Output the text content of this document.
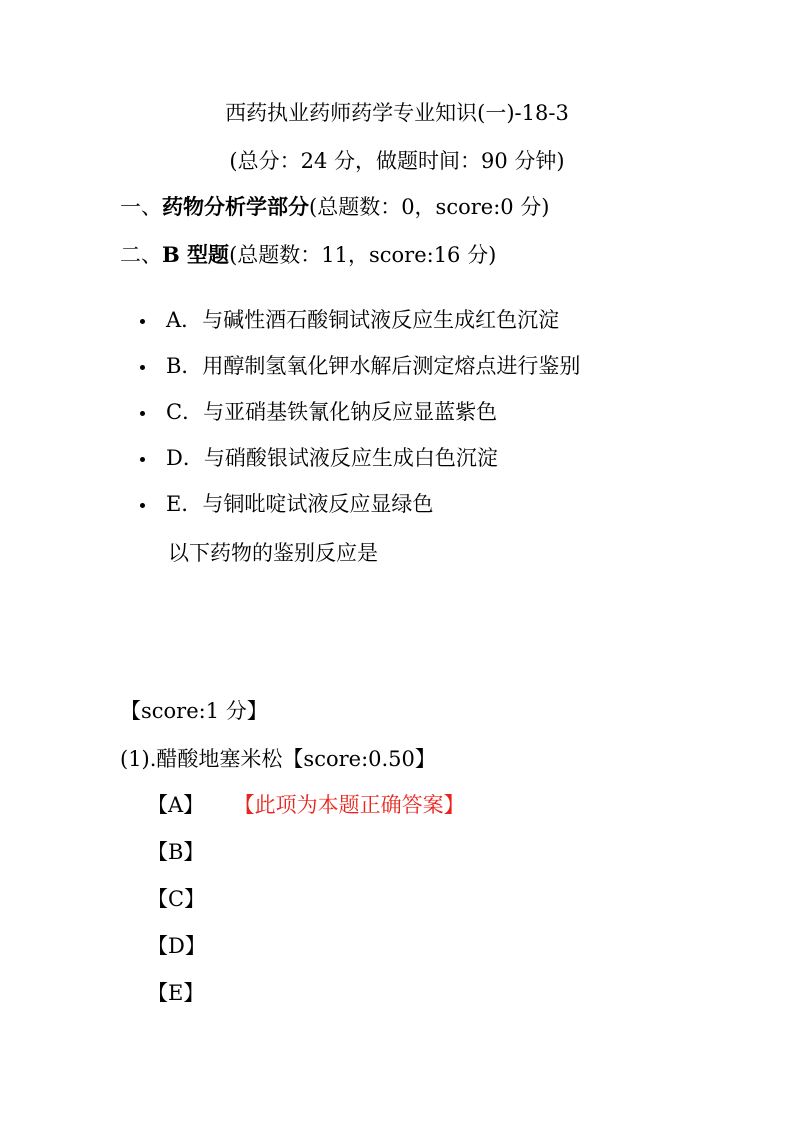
西药执业药师药学专业知识(一)-18-3
(总分：24 分，做题时间：90 分钟)
一、药物分析学部分(总题数：0，score:0 分)
二、B 型题(总题数：11，score:16 分)
A．与碱性酒石酸铜试液反应生成红色沉淀
B．用醇制氢氧化钾水解后测定熔点进行鉴别
C．与亚硝基铁氰化钠反应显蓝紫色
D．与硝酸银试液反应生成白色沉淀
E．与铜吡啶试液反应显绿色
以下药物的鉴别反应是
【score:1 分】
(1).醋酸地塞米松【score:0.50】
【A】 【此项为本题正确答案】
【B】
【C】
【D】
【E】
